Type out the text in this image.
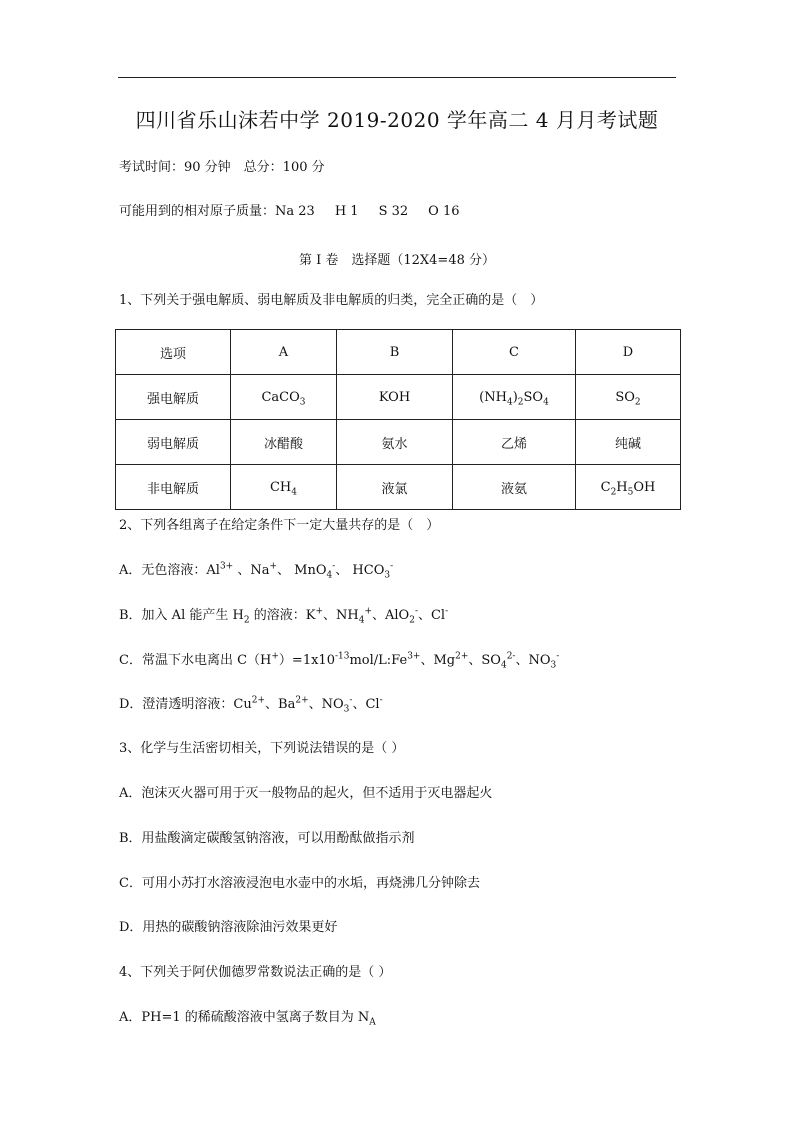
四川省乐山沫若中学 2019-2020 学年高二 4 月月考试题
考试时间：90 分钟　总分：100 分
可能用到的相对原子质量：Na 23 H 1 S 32 O 16
第 I 卷　选择题（12X4=48 分）
1、下列关于强电解质、弱电解质及非电解质的归类，完全正确的是（　）
选项	A	B	C	D
强电解质	CaCO$_3$	KOH	$(NH_4)_2SO_4$	$SO_2$
弱电解质	冰醋酸	氨水	乙烯	纯碱
非电解质	$CH_4$	液氯	液氨	$C_2H_5OH$
2、下列各组离子在给定条件下一定大量共存的是（　）
A．无色溶液：$Al^{3+}$ 、Na+、 MnO$_4$-、 $HCO_3^-$
B．加入 Al 能产生 $H_2$ 的溶液：K+、$NH_4^+$、AlO$_2$-、Cl-
C．常温下水电离出 $C(H^+)=1x10^{-13}mol/L:Fe^{3+}$、$Mg^{2+}$、$SO_4^{2-}$、$NO_3^-$
D．澄清透明溶液：$Cu^{2+}$、$Ba^{2+}$、$NO_3^-$、Cl-
3、化学与生活密切相关，下列说法错误的是（ ）
A．泡沫灭火器可用于灭一般物品的起火，但不适用于灭电器起火
B．用盐酸滴定碳酸氢钠溶液，可以用酚酞做指示剂
C．可用小苏打水溶液浸泡电水壶中的水垢，再烧沸几分钟除去
D．用热的碳酸钠溶液除油污效果更好
4、下列关于阿伏伽德罗常数说法正确的是（ ）
A．PH=1 的稀硫酸溶液中氢离子数目为 $N_A$
